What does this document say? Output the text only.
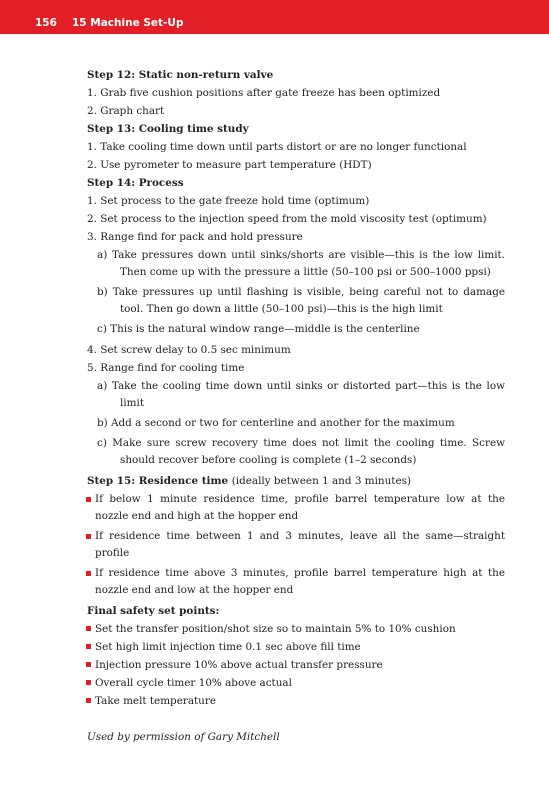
156 15 Machine Set-Up
Step 12: Static non-return valve
1. Grab five cushion positions after gate freeze has been optimized
2. Graph chart
Step 13: Cooling time study
1. Take cooling time down until parts distort or are no longer functional
2. Use pyrometer to measure part temperature (HDT)
Step 14: Process
1. Set process to the gate freeze hold time (optimum)
2. Set process to the injection speed from the mold viscosity test (optimum)
3. Range find for pack and hold pressure
a) Take pressures down until sinks/shorts are visible—this is the low limit. Then come up with the pressure a little (50–100 psi or 500–1000 ppsi)
b) Take pressures up until flashing is visible, being careful not to damage tool. Then go down a little (50–100 psi)—this is the high limit
c) This is the natural window range—middle is the centerline
4. Set screw delay to 0.5 sec minimum
5. Range find for cooling time
a) Take the cooling time down until sinks or distorted part—this is the low limit
b) Add a second or two for centerline and another for the maximum
c) Make sure screw recovery time does not limit the cooling time. Screw should recover before cooling is complete (1–2 seconds)
Step 15: Residence time (ideally between 1 and 3 minutes)
If below 1 minute residence time, profile barrel temperature low at the nozzle end and high at the hopper end
If residence time between 1 and 3 minutes, leave all the same—straight profile
If residence time above 3 minutes, profile barrel temperature high at the nozzle end and low at the hopper end
Final safety set points:
Set the transfer position/shot size so to maintain 5% to 10% cushion
Set high limit injection time 0.1 sec above fill time
Injection pressure 10% above actual transfer pressure
Overall cycle timer 10% above actual
Take melt temperature
Used by permission of Gary Mitchell
